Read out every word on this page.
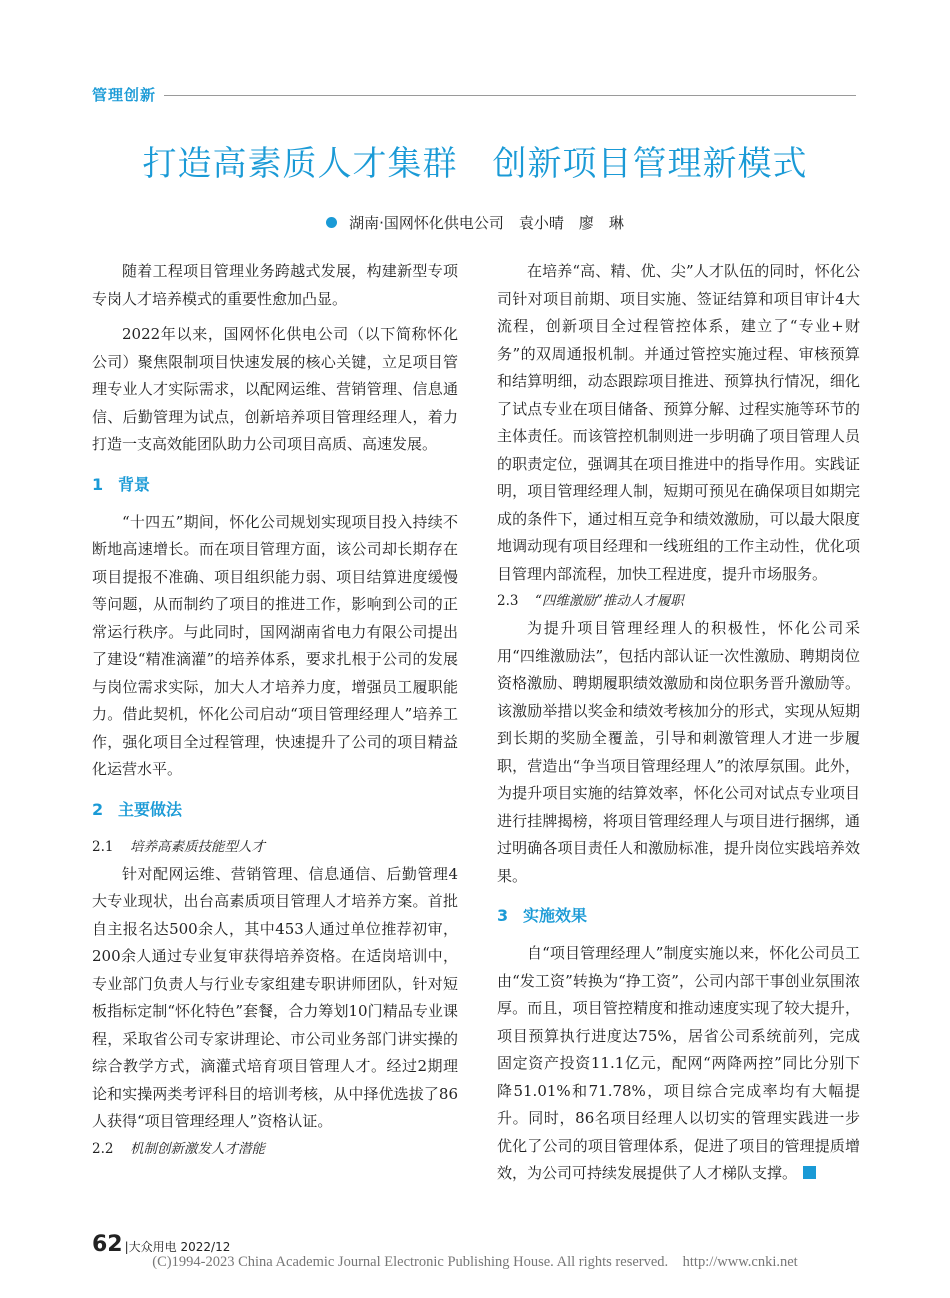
管理创新
打造高素质人才集群　创新项目管理新模式
湖南·国网怀化供电公司　袁小晴　廖　琳

随着工程项目管理业务跨越式发展，构建新型专项专岗人才培养模式的重要性愈加凸显。

2022年以来，国网怀化供电公司（以下简称怀化公司）聚焦限制项目快速发展的核心关键，立足项目管理专业人才实际需求，以配网运维、营销管理、信息通信、后勤管理为试点，创新培养项目管理经理人，着力打造一支高效能团队助力公司项目高质、高速发展。

1 背景

“十四五”期间，怀化公司规划实现项目投入持续不断地高速增长。而在项目管理方面，该公司却长期存在项目提报不准确、项目组织能力弱、项目结算进度缓慢等问题，从而制约了项目的推进工作，影响到公司的正常运行秩序。与此同时，国网湖南省电力有限公司提出了建设“精准滴灌”的培养体系，要求扎根于公司的发展与岗位需求实际，加大人才培养力度，增强员工履职能力。借此契机，怀化公司启动“项目管理经理人”培养工作，强化项目全过程管理，快速提升了公司的项目精益化运营水平。

2 主要做法
2.1 培养高素质技能型人才

针对配网运维、营销管理、信息通信、后勤管理4大专业现状，出台高素质项目管理人才培养方案。首批自主报名达500余人，其中453人通过单位推荐初审，200余人通过专业复审获得培养资格。在适岗培训中，专业部门负责人与行业专家组建专职讲师团队，针对短板指标定制“怀化特色”套餐，合力筹划10门精品专业课程，采取省公司专家讲理论、市公司业务部门讲实操的综合教学方式，滴灌式培育项目管理人才。经过2期理论和实操两类考评科目的培训考核，从中择优选拔了86人获得“项目管理经理人”资格认证。

2.2 机制创新激发人才潜能

在培养“高、精、优、尖”人才队伍的同时，怀化公司针对项目前期、项目实施、签证结算和项目审计4大流程，创新项目全过程管控体系，建立了“专业+财务”的双周通报机制。并通过管控实施过程、审核预算和结算明细，动态跟踪项目推进、预算执行情况，细化了试点专业在项目储备、预算分解、过程实施等环节的主体责任。而该管控机制则进一步明确了项目管理人员的职责定位，强调其在项目推进中的指导作用。实践证明，项目管理经理人制，短期可预见在确保项目如期完成的条件下，通过相互竞争和绩效激励，可以最大限度地调动现有项目经理和一线班组的工作主动性，优化项目管理内部流程，加快工程进度，提升市场服务。

2.3 “四维激励”推动人才履职

为提升项目管理经理人的积极性，怀化公司采用“四维激励法”，包括内部认证一次性激励、聘期岗位资格激励、聘期履职绩效激励和岗位职务晋升激励等。该激励举措以奖金和绩效考核加分的形式，实现从短期到长期的奖励全覆盖，引导和刺激管理人才进一步履职，营造出“争当项目管理经理人”的浓厚氛围。此外，为提升项目实施的结算效率，怀化公司对试点专业项目进行挂牌揭榜，将项目管理经理人与项目进行捆绑，通过明确各项目责任人和激励标准，提升岗位实践培养效果。

3 实施效果

自“项目管理经理人”制度实施以来，怀化公司员工由“发工资”转换为“挣工资”，公司内部干事创业氛围浓厚。而且，项目管控精度和推动速度实现了较大提升，项目预算执行进度达75%，居省公司系统前列，完成固定资产投资11.1亿元，配网“两降两控”同比分别下降51.01%和71.78%，项目综合完成率均有大幅提升。同时，86名项目经理人以切实的管理实践进一步优化了公司的项目管理体系，促进了项目的管理提质增效，为公司可持续发展提供了人才梯队支撑。

62 |大众用电 2022/12
(C)1994-2023 China Academic Journal Electronic Publishing House. All rights reserved.    http://www.cnki.net
